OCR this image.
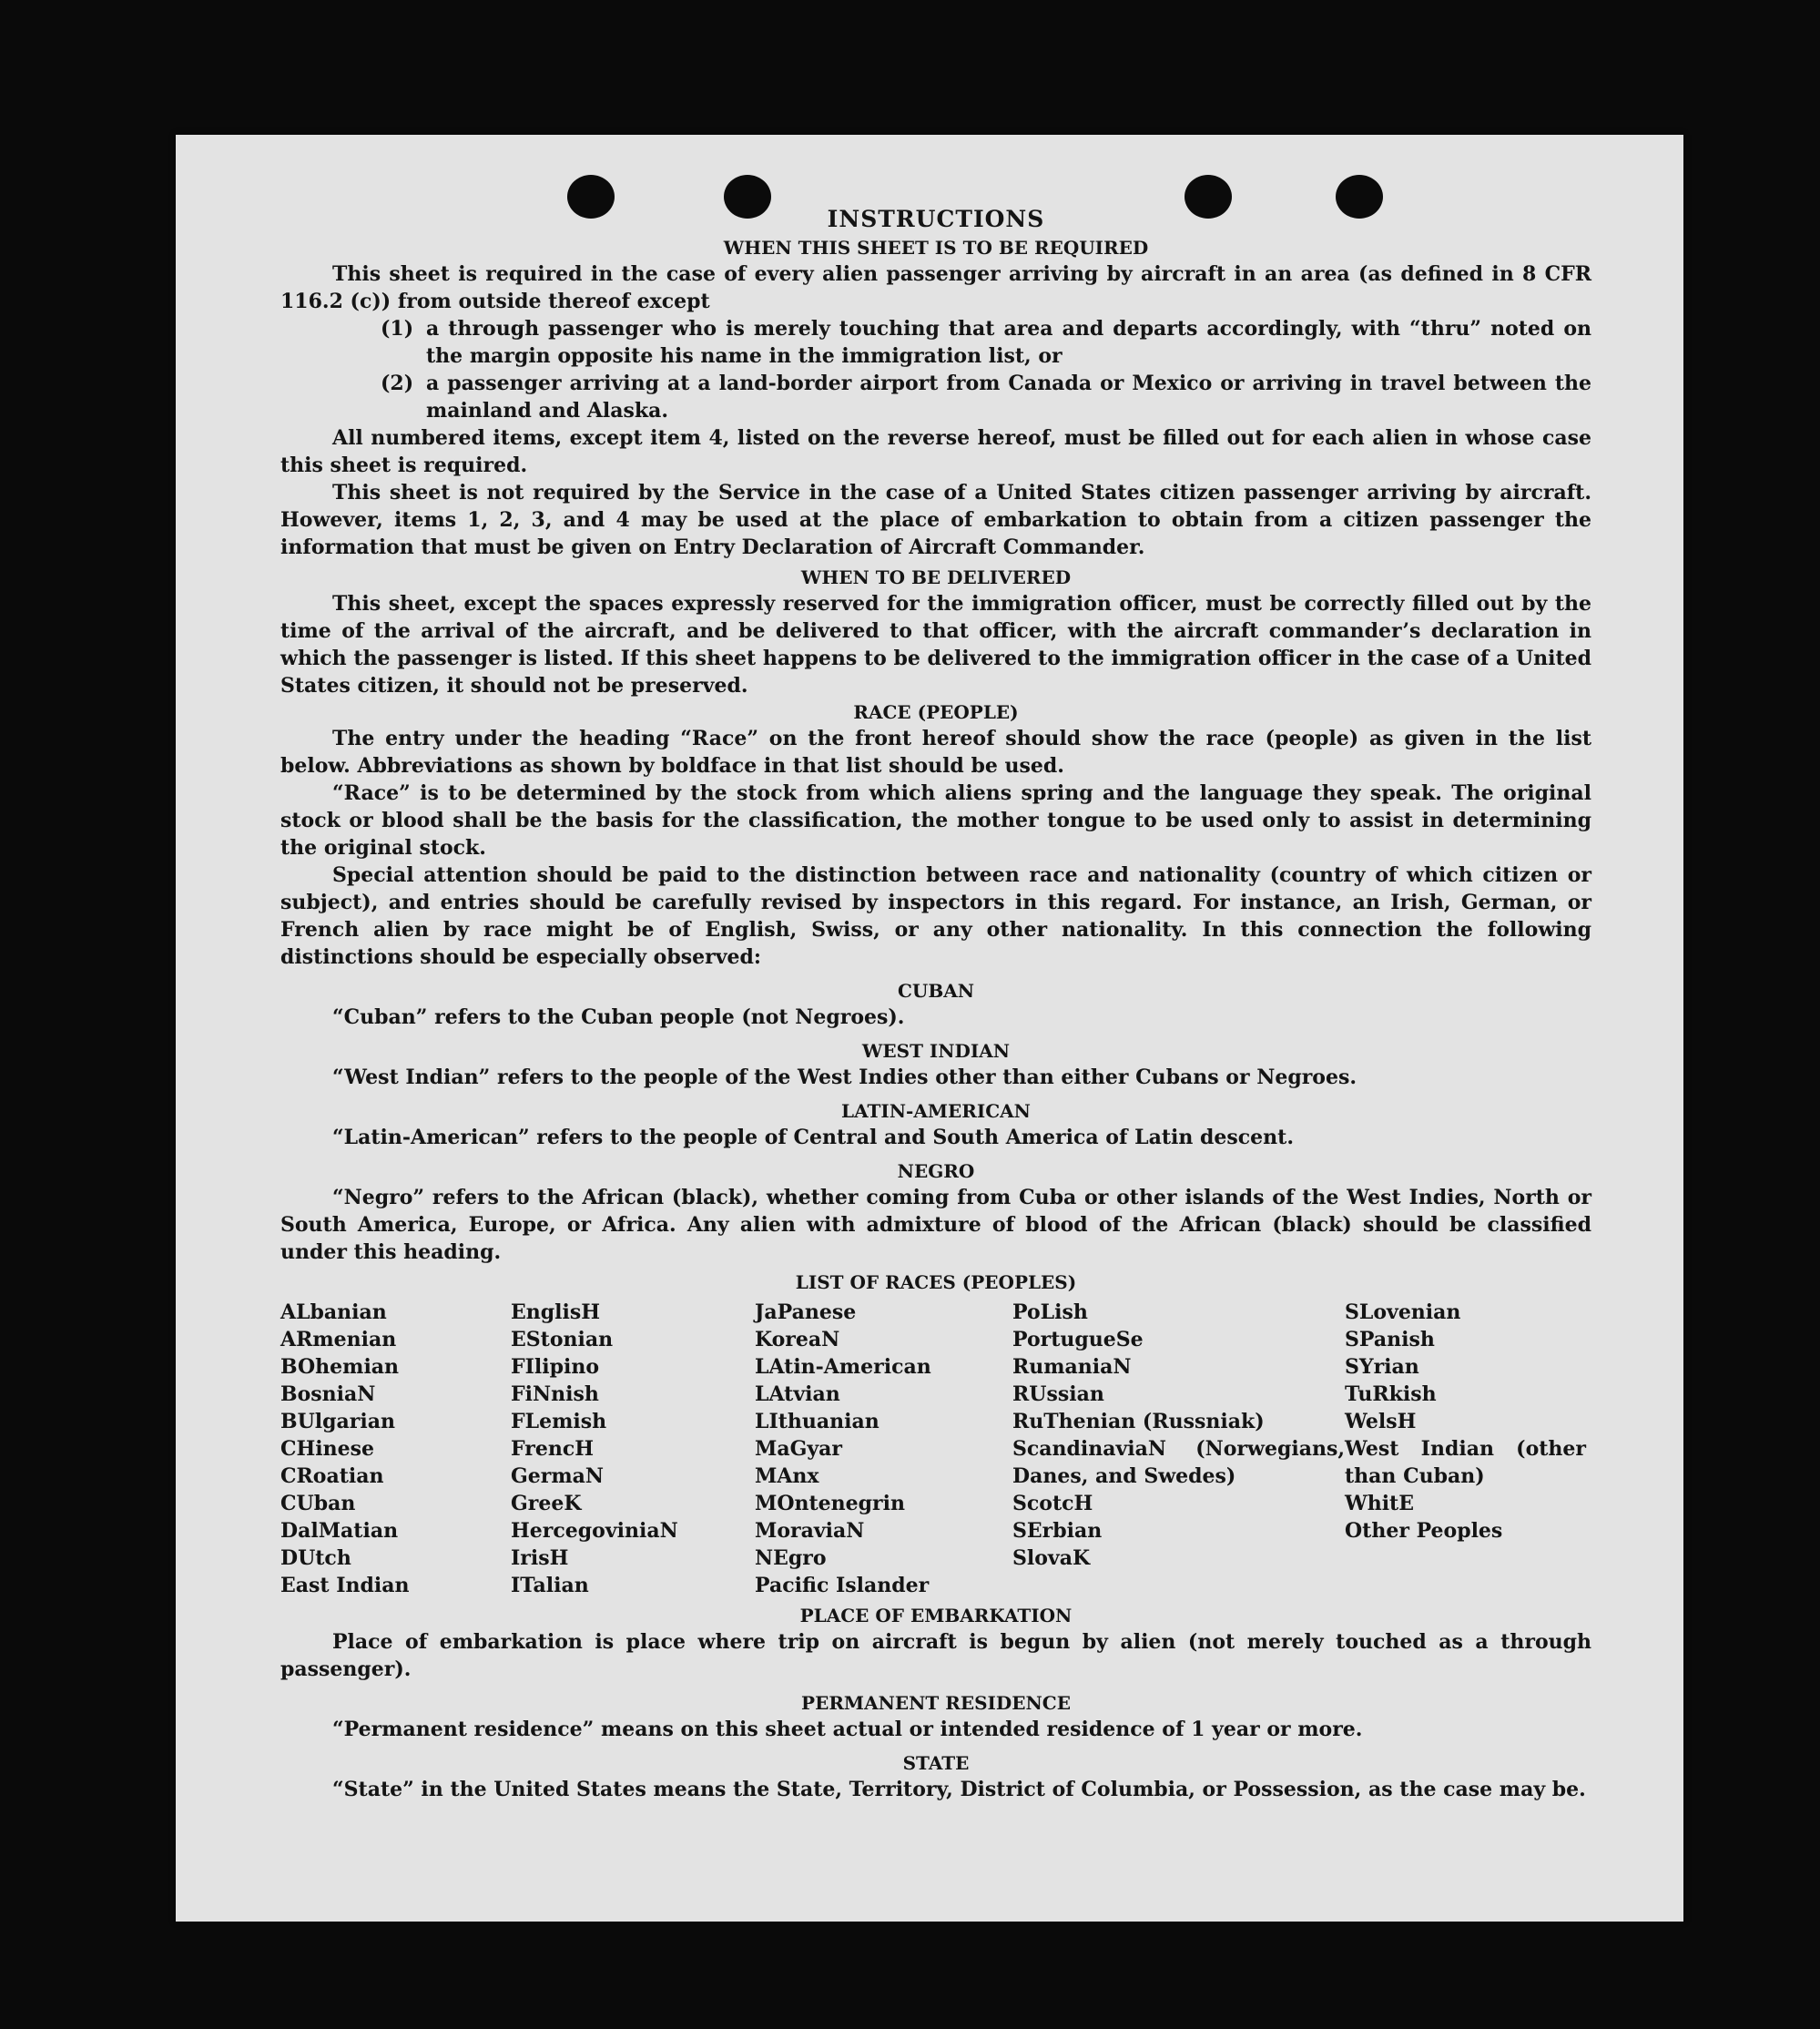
INSTRUCTIONS
WHEN THIS SHEET IS TO BE REQUIRED

This sheet is required in the case of every alien passenger arriving by aircraft in an area (as defined in 8 CFR 116.2 (c)) from outside thereof except

(1) a through passenger who is merely touching that area and departs accordingly, with “thru” noted on the margin opposite his name in the immigration list, or
(2) a passenger arriving at a land-border airport from Canada or Mexico or arriving in travel between the mainland and Alaska.

All numbered items, except item 4, listed on the reverse hereof, must be filled out for each alien in whose case this sheet is required.

This sheet is not required by the Service in the case of a United States citizen passenger arriving by aircraft. However, items 1, 2, 3, and 4 may be used at the place of embarkation to obtain from a citizen passenger the information that must be given on Entry Declaration of Aircraft Commander.

WHEN TO BE DELIVERED

This sheet, except the spaces expressly reserved for the immigration officer, must be correctly filled out by the time of the arrival of the aircraft, and be delivered to that officer, with the aircraft commander’s declaration in which the passenger is listed. If this sheet happens to be delivered to the immigration officer in the case of a United States citizen, it should not be preserved.

RACE (PEOPLE)

The entry under the heading “Race” on the front hereof should show the race (people) as given in the list below. Abbreviations as shown by boldface in that list should be used.

“Race” is to be determined by the stock from which aliens spring and the language they speak. The original stock or blood shall be the basis for the classification, the mother tongue to be used only to assist in determining the original stock.

Special attention should be paid to the distinction between race and nationality (country of which citizen or subject), and entries should be carefully revised by inspectors in this regard. For instance, an Irish, German, or French alien by race might be of English, Swiss, or any other nationality. In this connection the following distinctions should be especially observed:

CUBAN

“Cuban” refers to the Cuban people (not Negroes).

WEST INDIAN

“West Indian” refers to the people of the West Indies other than either Cubans or Negroes.

LATIN-AMERICAN

“Latin-American” refers to the people of Central and South America of Latin descent.

NEGRO

“Negro” refers to the African (black), whether coming from Cuba or other islands of the West Indies, North or South America, Europe, or Africa. Any alien with admixture of blood of the African (black) should be classified under this heading.

LIST OF RACES (PEOPLES)
ALbanian
ARmenian
BOhemian
BosniaN
BUlgarian
CHinese
CRoatian
CUban
DalMatian
DUtch
East Indian
EnglisH
EStonian
FIlipino
FiNnish
FLemish
FrencH
GermaN
GreeK
HercegoviniaN
IrisH
ITalian
JaPanese
KoreaN
LAtin-American
LAtvian
LIthuanian
MaGyar
MAnx
MOntenegrin
MoraviaN
NEgro
Pacific Islander
PoLish
PortugueSe
RumaniaN
RUssian
RuThenian (Russniak)
ScandinaviaN (Norwegians, Danes, and Swedes)
ScotcH
SErbian
SlovaK
SLovenian
SPanish
SYrian
TuRkish
WelsH
West Indian (other than Cuban)
WhitE
Other Peoples
PLACE OF EMBARKATION

Place of embarkation is place where trip on aircraft is begun by alien (not merely touched as a through passenger).

PERMANENT RESIDENCE

“Permanent residence” means on this sheet actual or intended residence of 1 year or more.

STATE

“State” in the United States means the State, Territory, District of Columbia, or Possession, as the case may be.
